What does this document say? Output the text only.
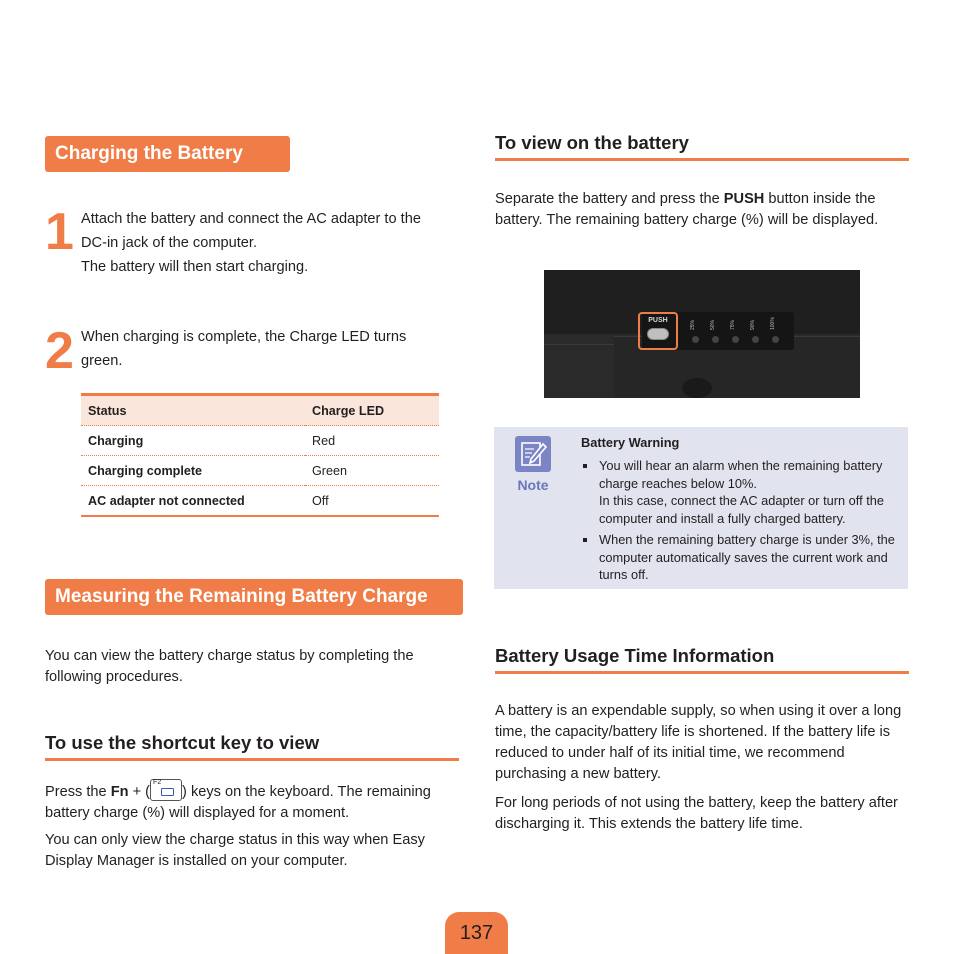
Charging the Battery
1 Attach the battery and connect the AC adapter to the
DC-in jack of the computer.
The battery will then start charging.
2 When charging is complete, the Charge LED turns
green.
Status	Charge LED
Charging	Red
Charging complete	Green
AC adapter not connected	Off
Measuring the Remaining Battery Charge
You can view the battery charge status by completing the following procedures.
To use the shortcut key to view
Press the Fn + (
F2
) keys on the keyboard. The remaining battery charge (%) will displayed for a moment.
You can only view the charge status in this way when Easy Display Manager is installed on your computer.
To view on the battery
Separate the battery and press the PUSH button inside the battery. The remaining battery charge (%) will be displayed.
PUSH	25%	50%	75%	90%	100%
Note
Battery Warning
You will hear an alarm when the remaining battery charge reaches below 10%.
In this case, connect the AC adapter or turn off the computer and install a fully charged battery.
When the remaining battery charge is under 3%, the computer automatically saves the current work and turns off.
Battery Usage Time Information
A battery is an expendable supply, so when using it over a long time, the capacity/battery life is shortened. If the battery life is reduced to under half of its initial time, we recommend purchasing a new battery.
For long periods of not using the battery, keep the battery after discharging it. This extends the battery life time.
137
